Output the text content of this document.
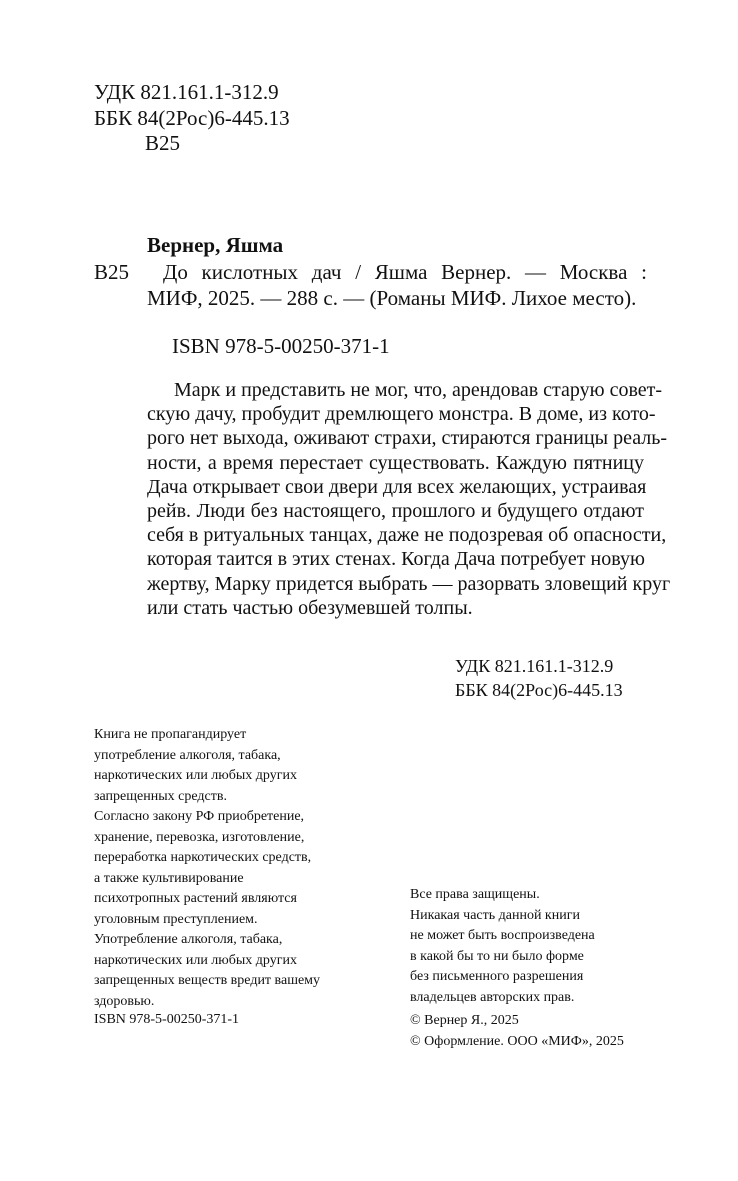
УДК 821.161.1-312.9
ББК 84(2Рос)6-445.13
В25
Вернер, Яшма
В25 До кислотных дач / Яшма Вернер. — Москва :
МИФ, 2025. — 288 с. — (Романы МИФ. Лихое место).
ISBN 978-5-00250-371-1
Марк и представить не мог, что, арендовав старую совет-
скую дачу, пробудит дремлющего монстра. В доме, из кото-
рого нет выхода, оживают страхи, стираются границы реаль-
ности, а время перестает существовать. Каждую пятницу
Дача открывает свои двери для всех желающих, устраивая
рейв. Люди без настоящего, прошлого и будущего отдают
себя в ритуальных танцах, даже не подозревая об опасности,
которая таится в этих стенах. Когда Дача потребует новую
жертву, Марку придется выбрать — разорвать зловещий круг
или стать частью обезумевшей толпы.
УДК 821.161.1-312.9
ББК 84(2Рос)6-445.13
Книга не пропагандирует
употребление алкоголя, табака,
наркотических или любых других
запрещенных средств.
Согласно закону РФ приобретение,
хранение, перевозка, изготовление,
переработка наркотических средств,
а также культивирование
психотропных растений являются
уголовным преступлением.
Употребление алкоголя, табака,
наркотических или любых других
запрещенных веществ вредит вашему
здоровью.
Все права защищены.
Никакая часть данной книги
не может быть воспроизведена
в какой бы то ни было форме
без письменного разрешения
владельцев авторских прав.
ISBN 978-5-00250-371-1	© Вернер Я., 2025
© Оформление. ООО «МИФ», 2025
